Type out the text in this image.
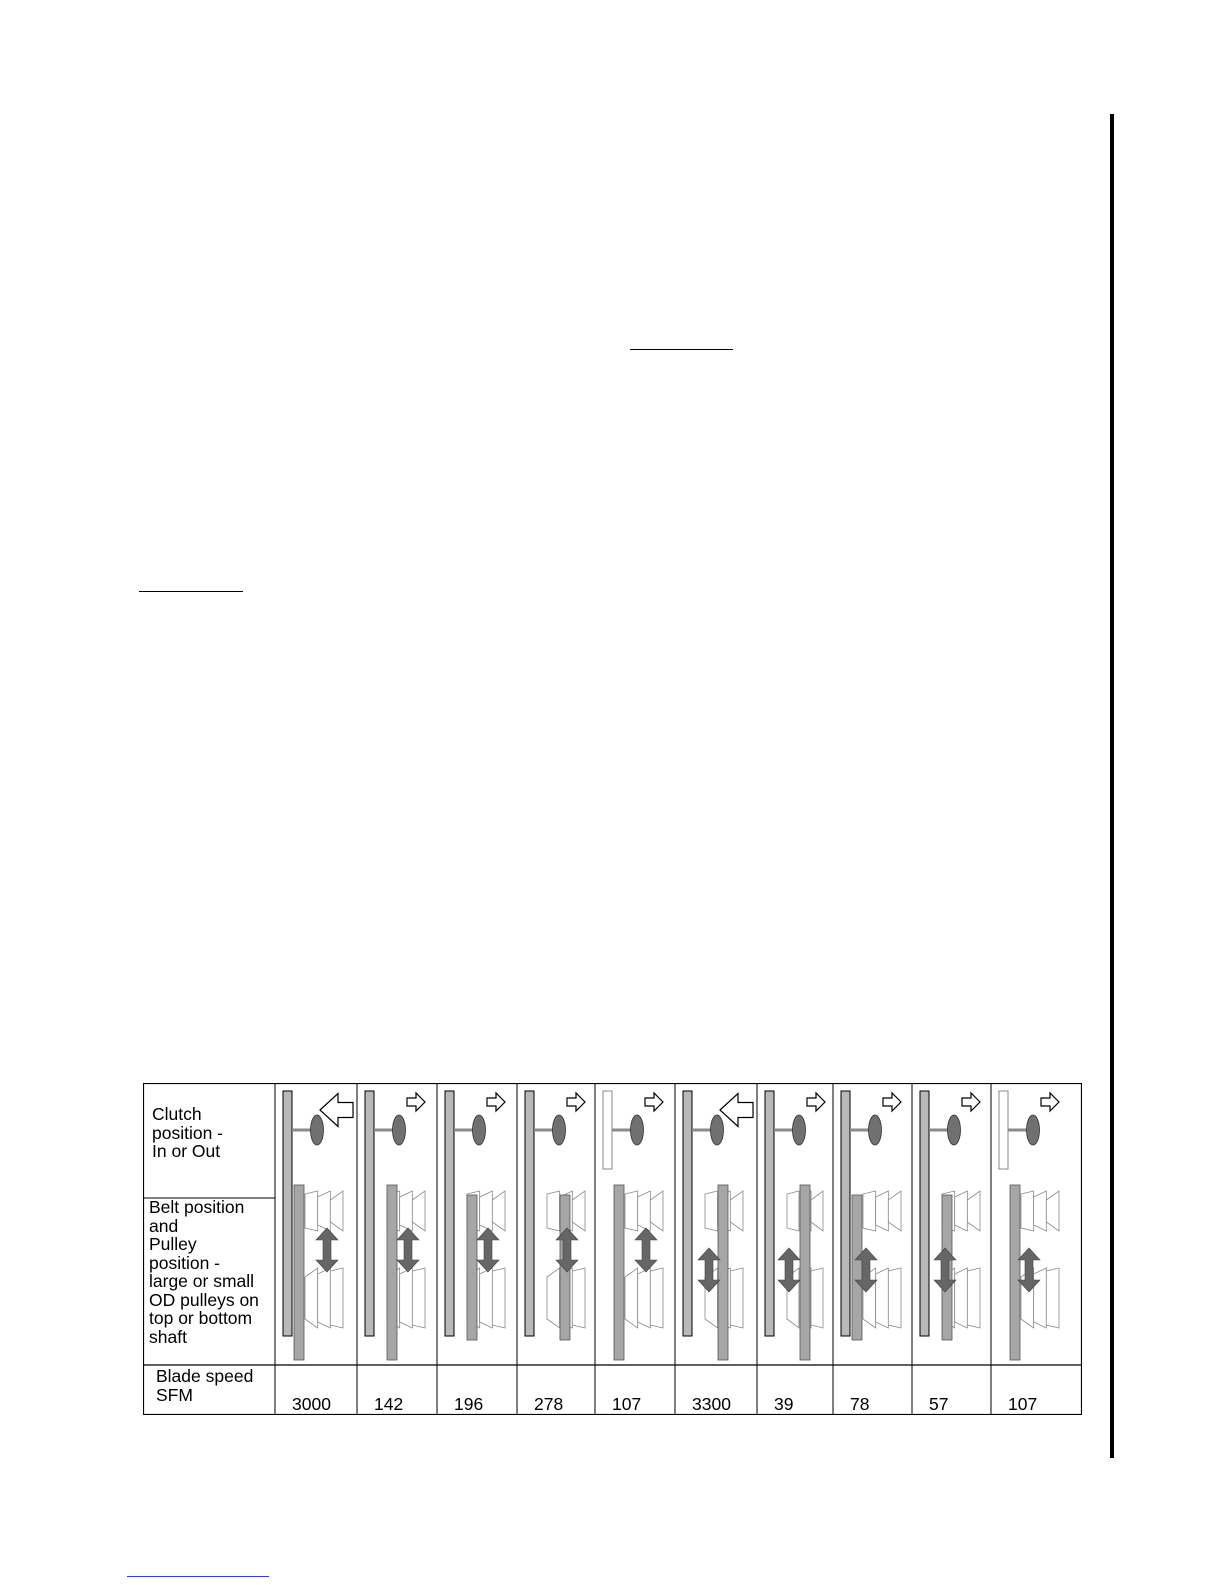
Clutch
position -
In or Out
Belt position
and
Pulley
position -
large or small
OD pulleys on
top or bottom
shaft
Blade speed
SFM	3000 142	196	278	107	3300 39	78	57	107
